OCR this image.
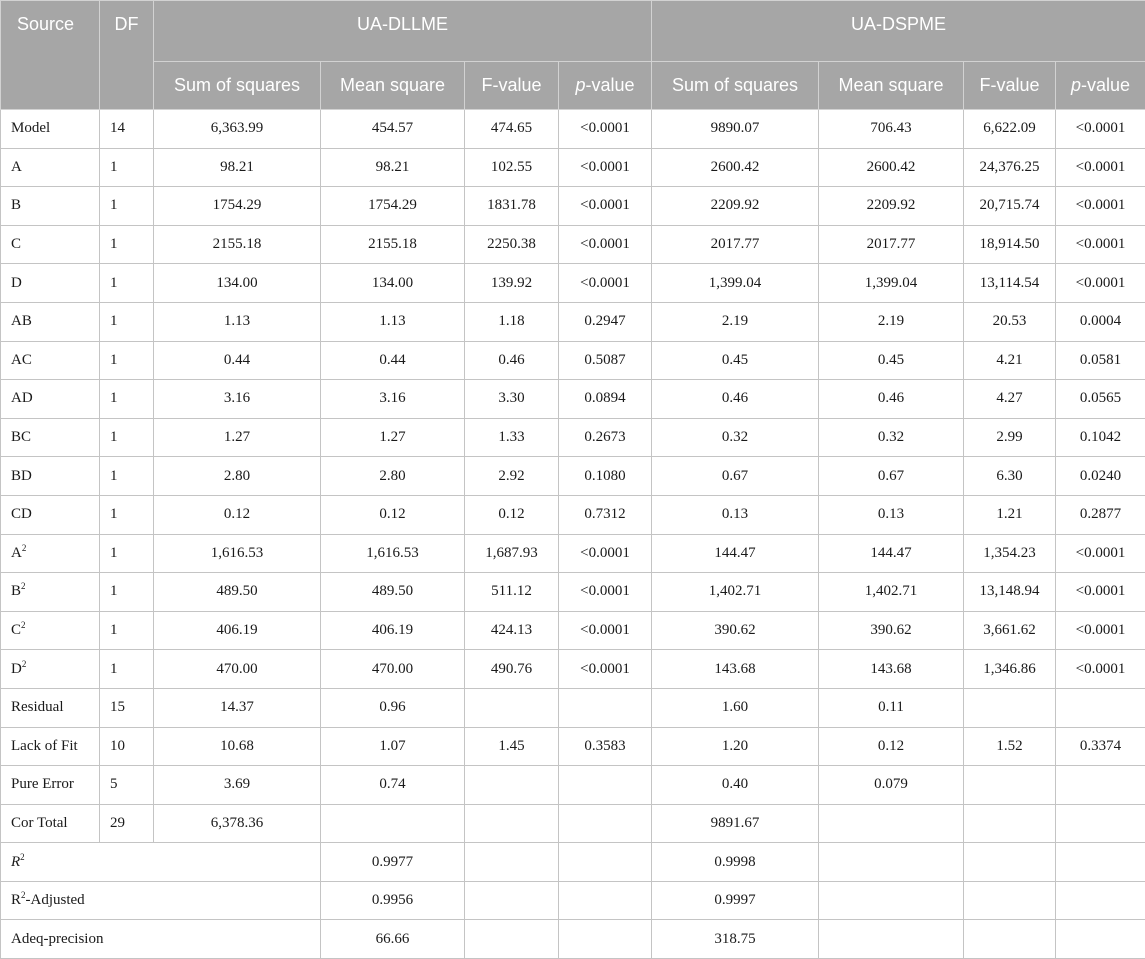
Source	DF	UA-DLLME				UA-DSPME			
		Sum of squares	Mean square	F-value	p-value	Sum of squares	Mean square	F-value	p-value
Model	14	6,363.99	454.57	474.65	<0.0001	9890.07	706.43	6,622.09	<0.0001
A	1	98.21	98.21	102.55	<0.0001	2600.42	2600.42	24,376.25	<0.0001
B	1	1754.29	1754.29	1831.78	<0.0001	2209.92	2209.92	20,715.74	<0.0001
C	1	2155.18	2155.18	2250.38	<0.0001	2017.77	2017.77	18,914.50	<0.0001
D	1	134.00	134.00	139.92	<0.0001	1,399.04	1,399.04	13,114.54	<0.0001
AB	1	1.13	1.13	1.18	0.2947	2.19	2.19	20.53	0.0004
AC	1	0.44	0.44	0.46	0.5087	0.45	0.45	4.21	0.0581
AD	1	3.16	3.16	3.30	0.0894	0.46	0.46	4.27	0.0565
BC	1	1.27	1.27	1.33	0.2673	0.32	0.32	2.99	0.1042
BD	1	2.80	2.80	2.92	0.1080	0.67	0.67	6.30	0.0240
CD	1	0.12	0.12	0.12	0.7312	0.13	0.13	1.21	0.2877
$A^2$	1	1,616.53	1,616.53	1,687.93	<0.0001	144.47	144.47	1,354.23	<0.0001
$B^2$	1	489.50	489.50	511.12	<0.0001	1,402.71	1,402.71	13,148.94	<0.0001
$C^2$	1	406.19	406.19	424.13	<0.0001	390.62	390.62	3,661.62	<0.0001
$D^2$	1	470.00	470.00	490.76	<0.0001	143.68	143.68	1,346.86	<0.0001
Residual	15	14.37	0.96			1.60	0.11		
Lack of Fit	10	10.68	1.07	1.45	0.3583	1.20	0.12	1.52	0.3374
Pure Error	5	3.69	0.74			0.40	0.079		
Cor Total	29	6,378.36				9891.67			
$R^2$			0.9977			0.9998			
$R^2$-Adjusted			0.9956			0.9997			
Adeq-precision			66.66			318.75			
